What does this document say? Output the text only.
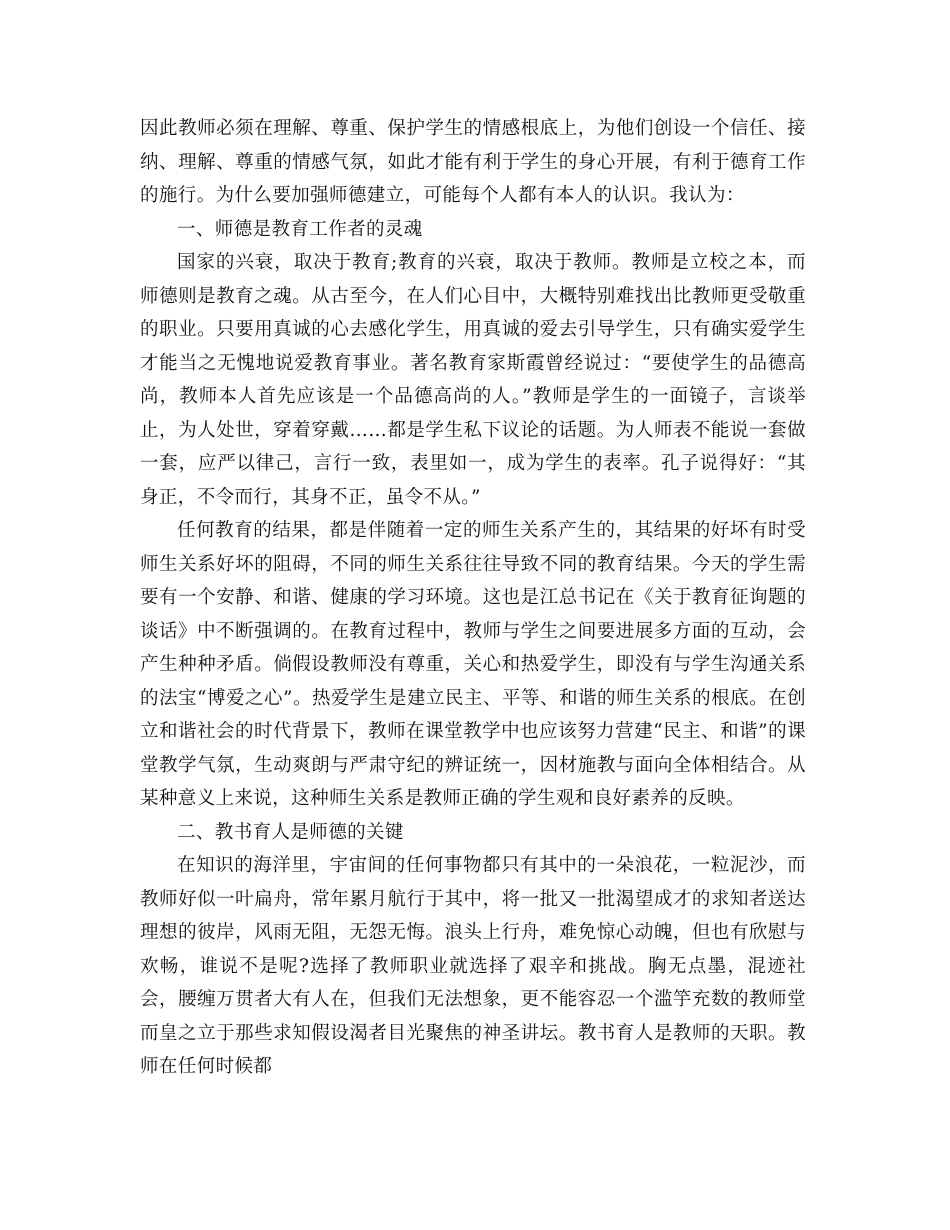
因此教师必须在理解、尊重、保护学生的情感根底上，为他们创设一个信任、接纳、理解、尊重的情感气氛，如此才能有利于学生的身心开展，有利于德育工作的施行。为什么要加强师德建立，可能每个人都有本人的认识。我认为：

一、师德是教育工作者的灵魂

国家的兴衰，取决于教育;教育的兴衰，取决于教师。教师是立校之本，而师德则是教育之魂。从古至今，在人们心目中，大概特别难找出比教师更受敬重的职业。只要用真诚的心去感化学生，用真诚的爱去引导学生，只有确实爱学生才能当之无愧地说爱教育事业。著名教育家斯霞曾经说过：“要使学生的品德高尚，教师本人首先应该是一个品德高尚的人。”教师是学生的一面镜子，言谈举止，为人处世，穿着穿戴……都是学生私下议论的话题。为人师表不能说一套做一套，应严以律己，言行一致，表里如一，成为学生的表率。孔子说得好：“其身正，不令而行，其身不正，虽令不从。”

任何教育的结果，都是伴随着一定的师生关系产生的，其结果的好坏有时受师生关系好坏的阻碍，不同的师生关系往往导致不同的教育结果。今天的学生需要有一个安静、和谐、健康的学习环境。这也是江总书记在《关于教育征询题的谈话》中不断强调的。在教育过程中，教师与学生之间要进展多方面的互动，会产生种种矛盾。倘假设教师没有尊重，关心和热爱学生，即没有与学生沟通关系的法宝“博爱之心”。热爱学生是建立民主、平等、和谐的师生关系的根底。在创立和谐社会的时代背景下，教师在课堂教学中也应该努力营建“民主、和谐”的课堂教学气氛，生动爽朗与严肃守纪的辨证统一，因材施教与面向全体相结合。从某种意义上来说，这种师生关系是教师正确的学生观和良好素养的反映。

二、教书育人是师德的关键

在知识的海洋里，宇宙间的任何事物都只有其中的一朵浪花，一粒泥沙，而教师好似一叶扁舟，常年累月航行于其中，将一批又一批渴望成才的求知者送达理想的彼岸，风雨无阻，无怨无悔。浪头上行舟，难免惊心动魄，但也有欣慰与欢畅，谁说不是呢?选择了教师职业就选择了艰辛和挑战。胸无点墨，混迹社会，腰缠万贯者大有人在，但我们无法想象，更不能容忍一个滥竽充数的教师堂而皇之立于那些求知假设渴者目光聚焦的神圣讲坛。教书育人是教师的天职。教师在任何时候都
